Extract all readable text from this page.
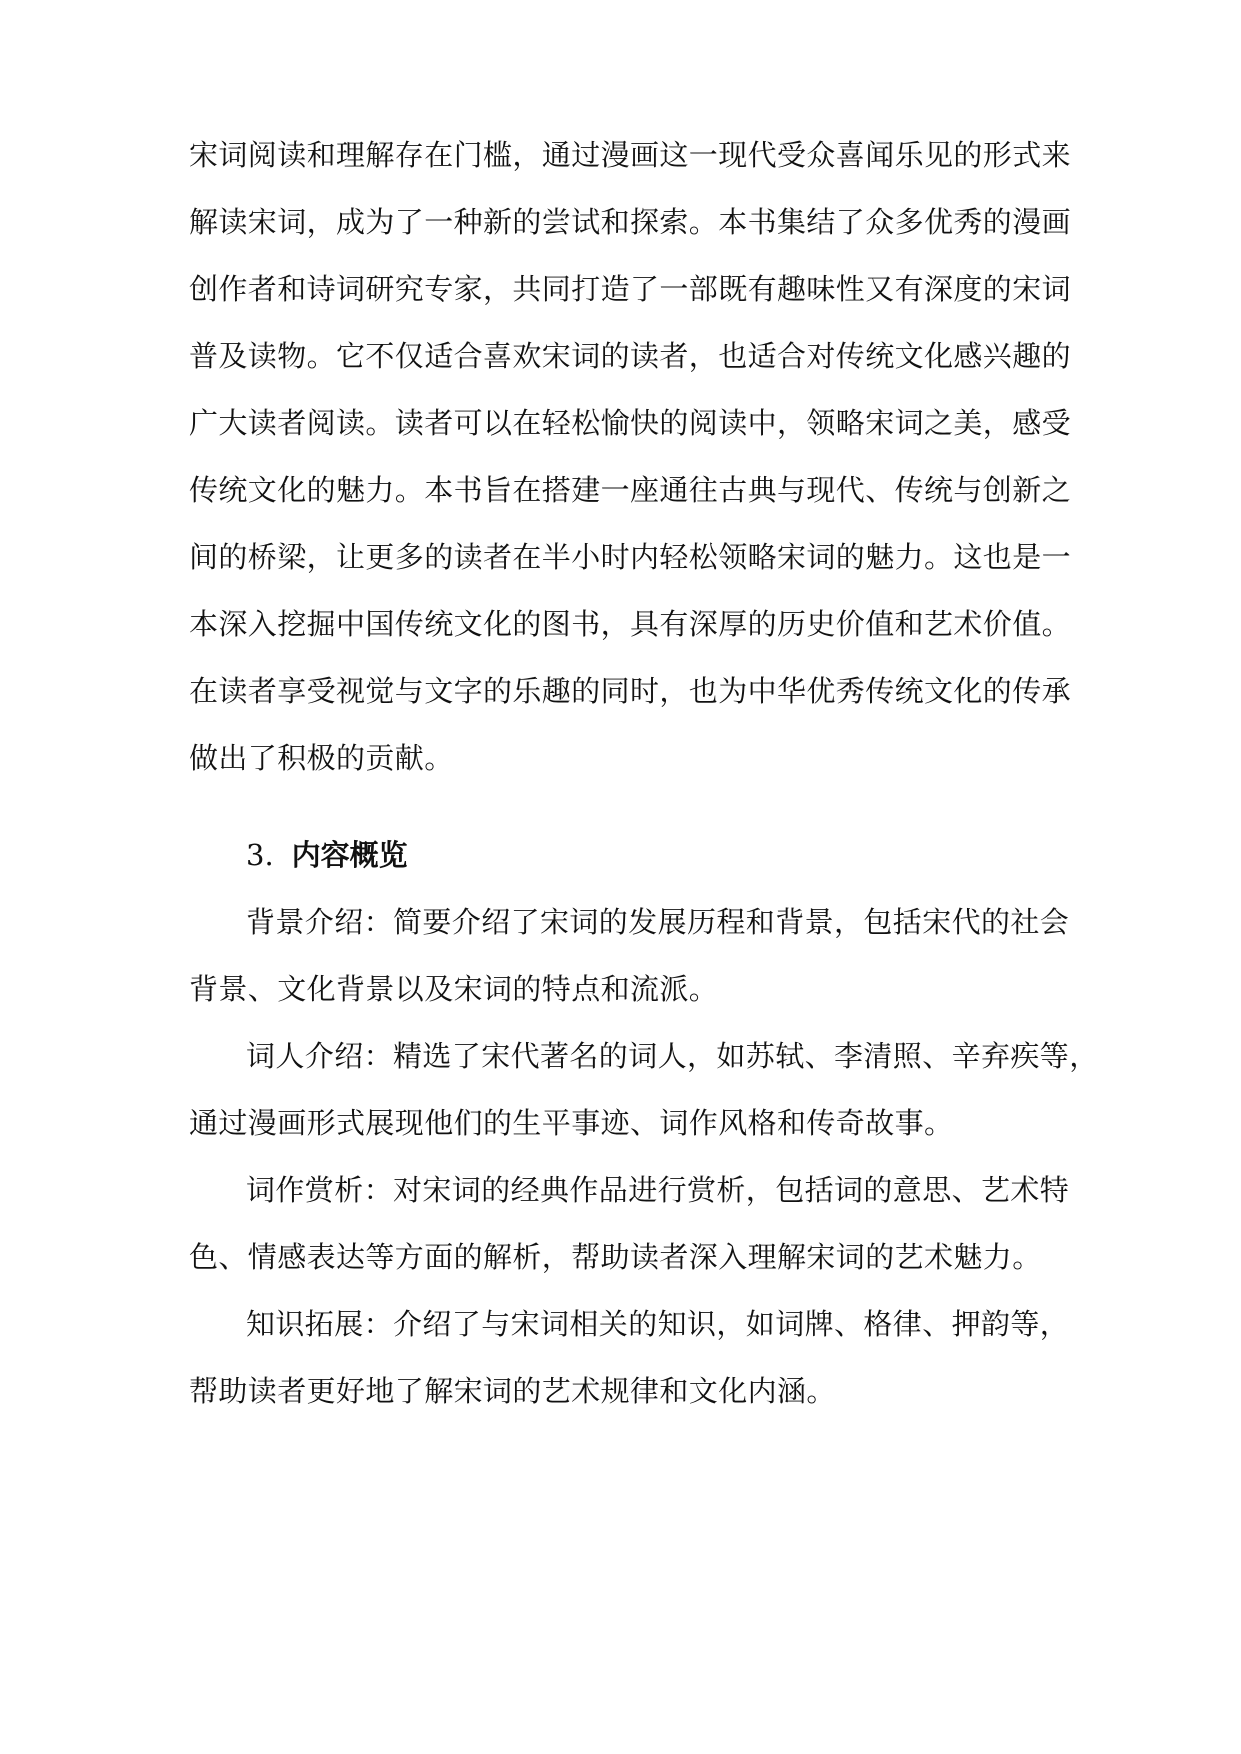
宋词阅读和理解存在门槛，通过漫画这一现代受众喜闻乐见的形式来
解读宋词，成为了一种新的尝试和探索。本书集结了众多优秀的漫画
创作者和诗词研究专家，共同打造了一部既有趣味性又有深度的宋词
普及读物。它不仅适合喜欢宋词的读者，也适合对传统文化感兴趣的
广大读者阅读。读者可以在轻松愉快的阅读中，领略宋词之美，感受
传统文化的魅力。本书旨在搭建一座通往古典与现代、传统与创新之
间的桥梁，让更多的读者在半小时内轻松领略宋词的魅力。这也是一
本深入挖掘中国传统文化的图书，具有深厚的历史价值和艺术价值。
在读者享受视觉与文字的乐趣的同时，也为中华优秀传统文化的传承
做出了积极的贡献。
3. 内容概览
背景介绍：简要介绍了宋词的发展历程和背景，包括宋代的社会
背景、文化背景以及宋词的特点和流派。
词人介绍：精选了宋代著名的词人，如苏轼、李清照、辛弃疾等，
通过漫画形式展现他们的生平事迹、词作风格和传奇故事。
词作赏析：对宋词的经典作品进行赏析，包括词的意思、艺术特
色、情感表达等方面的解析，帮助读者深入理解宋词的艺术魅力。
知识拓展：介绍了与宋词相关的知识，如词牌、格律、押韵等，
帮助读者更好地了解宋词的艺术规律和文化内涵。
